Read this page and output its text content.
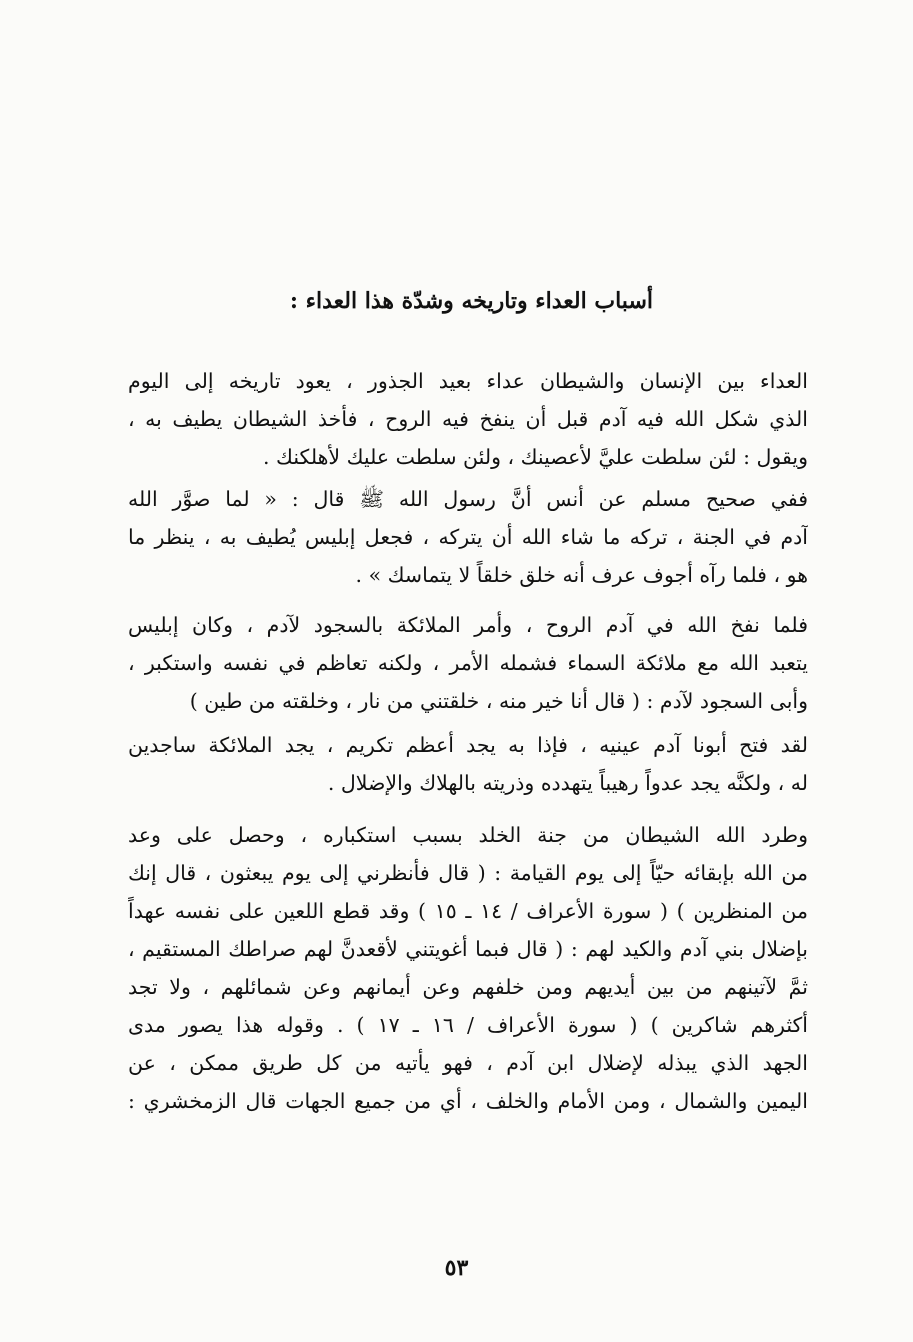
أسباب العداء وتاريخه وشدّة هذا العداء :
العداء بين الإنسان والشيطان عداء بعيد الجذور ، يعود تاريخه إلى اليوم
الذي شكل الله فيه آدم قبل أن ينفخ فيه الروح ، فأخذ الشيطان يطيف به ،
ويقول : لئن سلطت عليَّ لأعصينك ، ولئن سلطت عليك لأهلكنك .
ففي صحيح مسلم عن أنس أنَّ رسول الله ﷺ قال : « لما صوَّر الله
آدم في الجنة ، تركه ما شاء الله أن يتركه ، فجعل إبليس يُطيف به ، ينظر ما
هو ، فلما رآه أجوف عرف أنه خلق خلقاً لا يتماسك » .
فلما نفخ الله في آدم الروح ، وأمر الملائكة بالسجود لآدم ، وكان إبليس
يتعبد الله مع ملائكة السماء فشمله الأمر ، ولكنه تعاظم في نفسه واستكبر ،
وأبى السجود لآدم : ( قال أنا خير منه ، خلقتني من نار ، وخلقته من طين )
لقد فتح أبونا آدم عينيه ، فإذا به يجد أعظم تكريم ، يجد الملائكة ساجدين
له ، ولكنَّه يجد عدواً رهيباً يتهدده وذريته بالهلاك والإضلال .
وطرد الله الشيطان من جنة الخلد بسبب استكباره ، وحصل على وعد
من الله بإبقائه حيّاً إلى يوم القيامة : ( قال فأنظرني إلى يوم يبعثون ، قال إنك
من المنظرين ) ( سورة الأعراف / ١٤ ـ ١٥ ) وقد قطع اللعين على نفسه عهداً
بإضلال بني آدم والكيد لهم : ( قال فبما أغويتني لأقعدنَّ لهم صراطك المستقيم ،
ثمَّ لآتينهم من بين أيديهم ومن خلفهم وعن أيمانهم وعن شمائلهم ، ولا تجد
أكثرهم شاكرين ) ( سورة الأعراف / ١٦ ـ ١٧ ) . وقوله هذا يصور مدى
الجهد الذي يبذله لإضلال ابن آدم ، فهو يأتيه من كل طريق ممكن ، عن
اليمين والشمال ، ومن الأمام والخلف ، أي من جميع الجهات قال الزمخشري :
٥٣
